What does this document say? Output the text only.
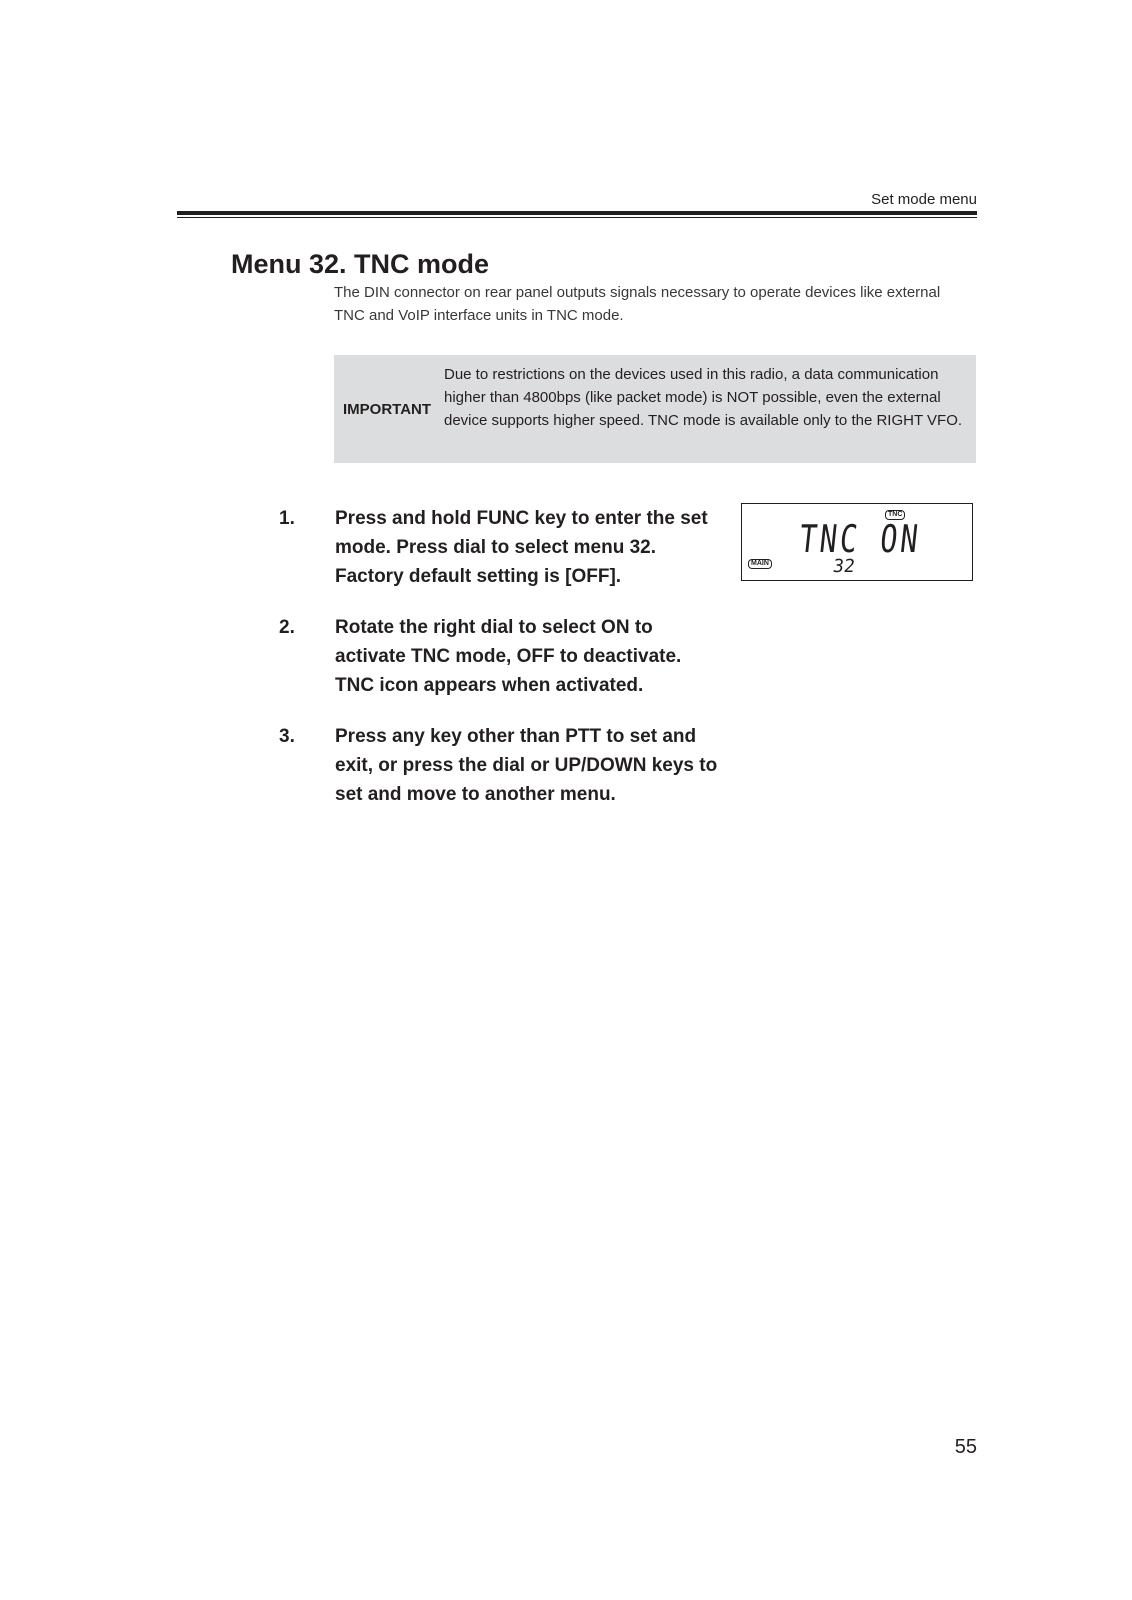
Set mode menu
Menu 32. TNC mode

The DIN connector on rear panel outputs signals necessary to operate devices like external TNC and VoIP interface units in TNC mode.

IMPORTANT

Due to restrictions on the devices used in this radio, a data communication higher than 4800bps (like packet mode) is NOT possible, even the external device supports higher speed. TNC mode is available only to the RIGHT VFO.

1. Press and hold FUNC key to enter the set mode. Press dial to select menu 32. Factory default setting is [OFF].
2. Rotate the right dial to select ON to activate TNC mode, OFF to deactivate. TNC icon appears when activated.
3. Press any key other than PTT to set and exit, or press the dial or UP/DOWN keys to set and move to another menu.
TNC
MAIN
TNC ON
32
55
